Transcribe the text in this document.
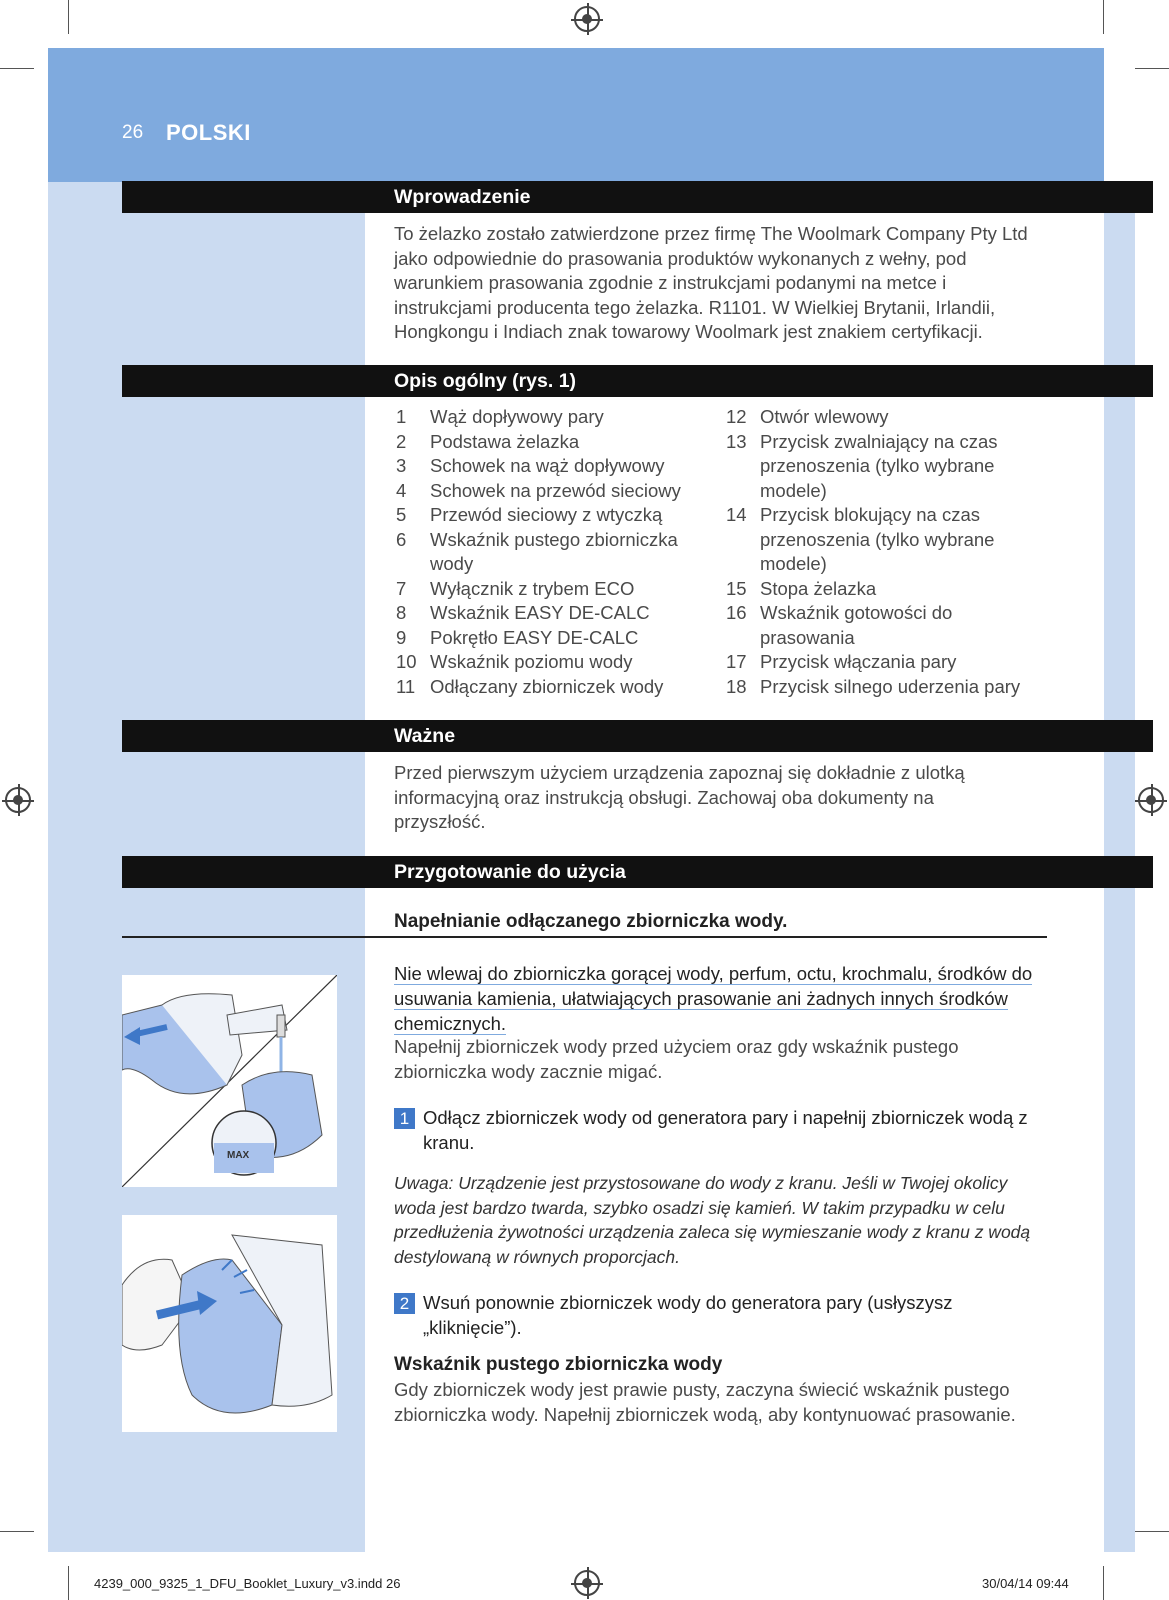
26 POLSKI
Wprowadzenie
To żelazko zostało zatwierdzone przez firmę The Woolmark Company Pty Ltd jako odpowiednie do prasowania produktów wykonanych z wełny, pod warunkiem prasowania zgodnie z instrukcjami podanymi na metce i instrukcjami producenta tego żelazka. R1101. W Wielkiej Brytanii, Irlandii, Hongkongu i Indiach znak towarowy Woolmark jest znakiem certyfikacji.
Opis ogólny (rys. 1)
1	Wąż dopływowy pary
2	Podstawa żelazka
3	Schowek na wąż dopływowy
4	Schowek na przewód sieciowy
5	Przewód sieciowy z wtyczką
6	Wskaźnik pustego zbiorniczka wody
7	Wyłącznik z trybem ECO
8	Wskaźnik EASY DE-CALC
9	Pokrętło EASY DE-CALC
10 Wskaźnik poziomu wody
11 Odłączany zbiorniczek wody
12 Otwór wlewowy
13 Przycisk zwalniający na czas przenoszenia (tylko wybrane modele)
14 Przycisk blokujący na czas przenoszenia (tylko wybrane modele)
15 Stopa żelazka
16 Wskaźnik gotowości do prasowania
17 Przycisk włączania pary
18 Przycisk silnego uderzenia pary
Ważne
Przed pierwszym użyciem urządzenia zapoznaj się dokładnie z ulotką informacyjną oraz instrukcją obsługi. Zachowaj oba dokumenty na przyszłość.
Przygotowanie do użycia
Napełnianie odłączanego zbiorniczka wody.
Nie wlewaj do zbiorniczka gorącej wody, perfum, octu, krochmalu, środków do usuwania kamienia, ułatwiających prasowanie ani żadnych innych środków chemicznych.
Napełnij zbiorniczek wody przed użyciem oraz gdy wskaźnik pustego zbiorniczka wody zacznie migać.
MAX
1 Odłącz zbiorniczek wody od generatora pary i napełnij zbiorniczek wodą z kranu.
Uwaga: Urządzenie jest przystosowane do wody z kranu. Jeśli w Twojej okolicy woda jest bardzo twarda, szybko osadzi się kamień. W takim przypadku w celu przedłużenia żywotności urządzenia zaleca się wymieszanie wody z kranu z wodą destylowaną w równych proporcjach.
2 Wsuń ponownie zbiorniczek wody do generatora pary (usłyszysz „kliknięcie”).
Wskaźnik pustego zbiorniczka wody
Gdy zbiorniczek wody jest prawie pusty, zaczyna świecić wskaźnik pustego zbiorniczka wody. Napełnij zbiorniczek wodą, aby kontynuować prasowanie.
4239_000_9325_1_DFU_Booklet_Luxury_v3.indd 26	30/04/14 09:44
